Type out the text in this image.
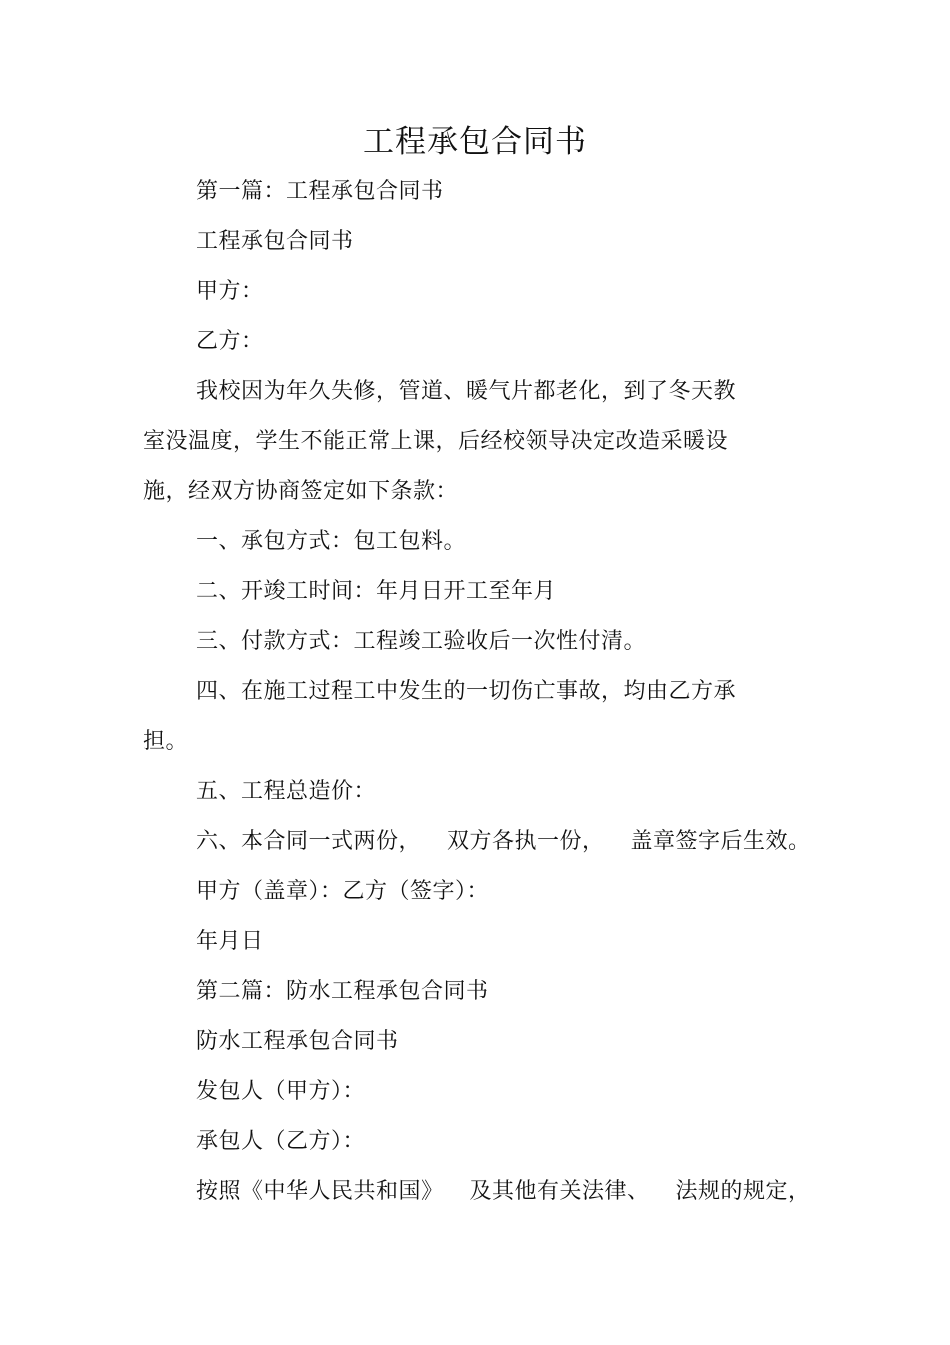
工程承包合同书
第一篇：工程承包合同书
工程承包合同书
甲方：
乙方：
我校因为年久失修，管道、暖气片都老化，到了冬天教
室没温度，学生不能正常上课，后经校领导决定改造采暖设
施，经双方协商签定如下条款：
一、承包方式：包工包料。
二、开竣工时间：年月日开工至年月
三、付款方式：工程竣工验收后一次性付清。
四、在施工过程工中发生的一切伤亡事故，均由乙方承
担。
五、工程总造价：
六、本合同一式两份， 双方各执一份， 盖章签字后生效。
甲方（盖章）：乙方（签字）：
年月日
第二篇：防水工程承包合同书
防水工程承包合同书
发包人（甲方）：
承包人（乙方）：
按照《中华人民共和国》 及其他有关法律、 法规的规定，
